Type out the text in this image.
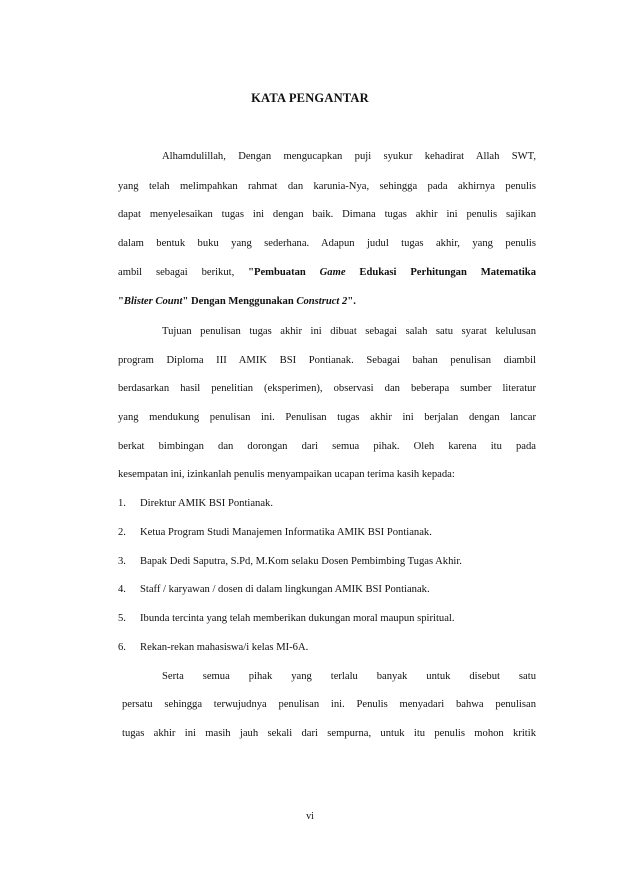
KATA PENGANTAR
Alhamdulillah, Dengan mengucapkan puji syukur kehadirat Allah SWT,
yang telah melimpahkan rahmat dan karunia-Nya, sehingga pada akhirnya penulis
dapat menyelesaikan tugas ini dengan baik. Dimana tugas akhir ini penulis sajikan
dalam bentuk buku yang sederhana. Adapun judul tugas akhir, yang penulis
ambil sebagai berikut, "Pembuatan Game Edukasi Perhitungan Matematika
"Blister Count" Dengan Menggunakan Construct 2".
Tujuan penulisan tugas akhir ini dibuat sebagai salah satu syarat kelulusan
program Diploma III AMIK BSI Pontianak. Sebagai bahan penulisan diambil
berdasarkan hasil penelitian (eksperimen), observasi dan beberapa sumber literatur
yang mendukung penulisan ini. Penulisan tugas akhir ini berjalan dengan lancar
berkat bimbingan dan dorongan dari semua pihak. Oleh karena itu pada
kesempatan ini, izinkanlah penulis menyampaikan ucapan terima kasih kepada:
1. Direktur AMIK BSI Pontianak.
2. Ketua Program Studi Manajemen Informatika AMIK BSI Pontianak.
3. Bapak Dedi Saputra, S.Pd, M.Kom selaku Dosen Pembimbing Tugas Akhir.
4. Staff / karyawan / dosen di dalam lingkungan AMIK BSI Pontianak.
5. Ibunda tercinta yang telah memberikan dukungan moral maupun spiritual.
6. Rekan-rekan mahasiswa/i kelas MI-6A.
Serta semua pihak yang terlalu banyak untuk disebut satu
persatu sehingga terwujudnya penulisan ini. Penulis menyadari bahwa penulisan
tugas akhir ini masih jauh sekali dari sempurna, untuk itu penulis mohon kritik
vi
